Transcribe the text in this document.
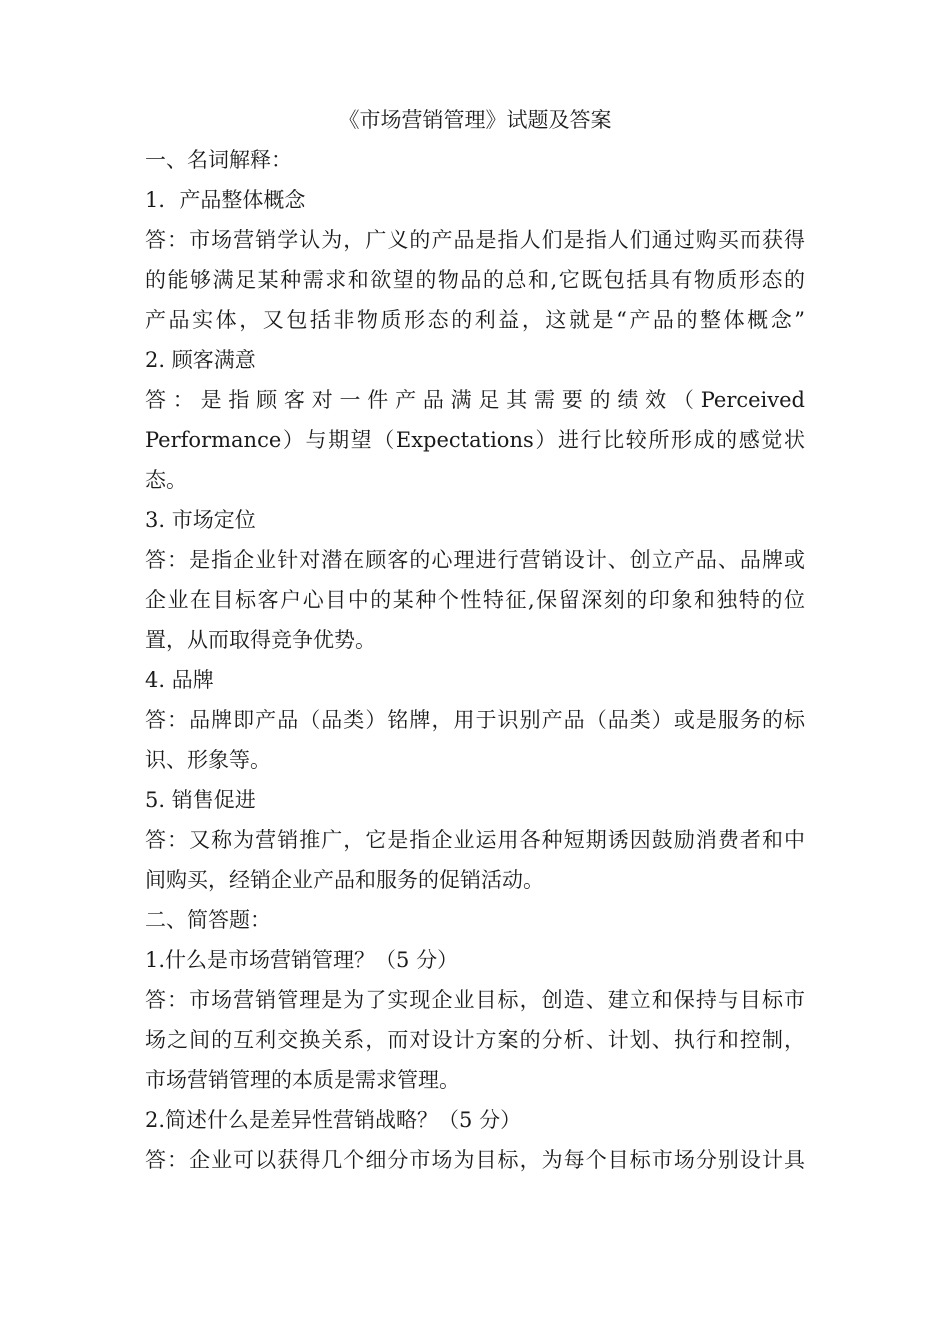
《市场营销管理》试题及答案
一、名词解释：
1．产品整体概念
答：市场营销学认为，广义的产品是指人们是指人们通过购买而获得
的能够满足某种需求和欲望的物品的总和,它既包括具有物质形态的
产品实体，又包括非物质形态的利益，这就是“产品的整体概念”
2. 顾客满意
答：是指顾客对一件产品满足其需要的绩效（Perceived
Performance）与期望（Expectations）进行比较所形成的感觉状
态。
3. 市场定位
答：是指企业针对潜在顾客的心理进行营销设计、创立产品、品牌或
企业在目标客户心目中的某种个性特征,保留深刻的印象和独特的位
置，从而取得竞争优势。
4. 品牌
答：品牌即产品（品类）铭牌，用于识别产品（品类）或是服务的标
识、形象等。
5. 销售促进
答：又称为营销推广，它是指企业运用各种短期诱因鼓励消费者和中
间购买，经销企业产品和服务的促销活动。
二、简答题：
1.什么是市场营销管理？（5 分）
答：市场营销管理是为了实现企业目标，创造、建立和保持与目标市
场之间的互利交换关系，而对设计方案的分析、计划、执行和控制，
市场营销管理的本质是需求管理。
2.简述什么是差异性营销战略？（5 分）
答：企业可以获得几个细分市场为目标，为每个目标市场分别设计具
